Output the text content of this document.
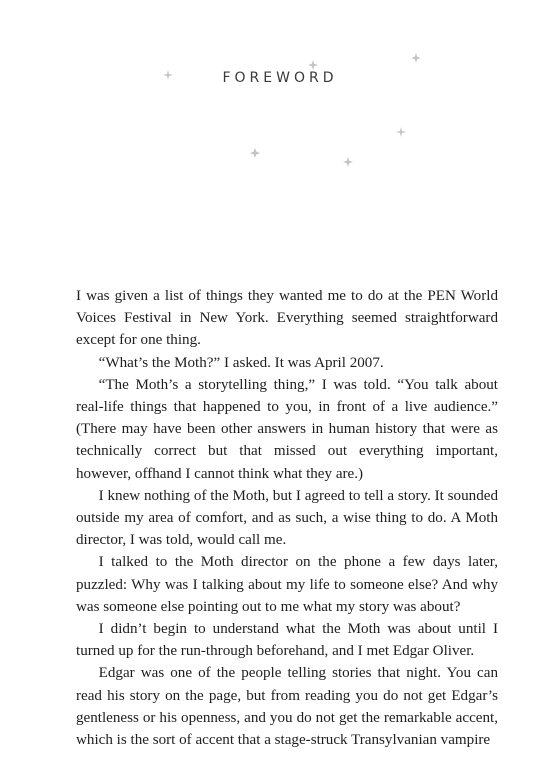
FOREWORD

I was given a list of things they wanted me to do at the PEN World Voices Festival in New York. Everything seemed straightforward except for one thing.

“What’s the Moth?” I asked. It was April 2007.

“The Moth’s a storytelling thing,” I was told. “You talk about real-life things that happened to you, in front of a live audience.” (There may have been other answers in human history that were as technically correct but that missed out everything important, however, offhand I cannot think what they are.)

I knew nothing of the Moth, but I agreed to tell a story. It sounded outside my area of comfort, and as such, a wise thing to do. A Moth director, I was told, would call me.

I talked to the Moth director on the phone a few days later, puzzled: Why was I talking about my life to someone else? And why was someone else pointing out to me what my story was about?

I didn’t begin to understand what the Moth was about until I turned up for the run-through beforehand, and I met Edgar Oliver.

Edgar was one of the people telling stories that night. You can read his story on the page, but from reading you do not get Edgar’s gentleness or his openness, and you do not get the remarkable accent, which is the sort of accent that a stage-struck Transylvanian vampire
